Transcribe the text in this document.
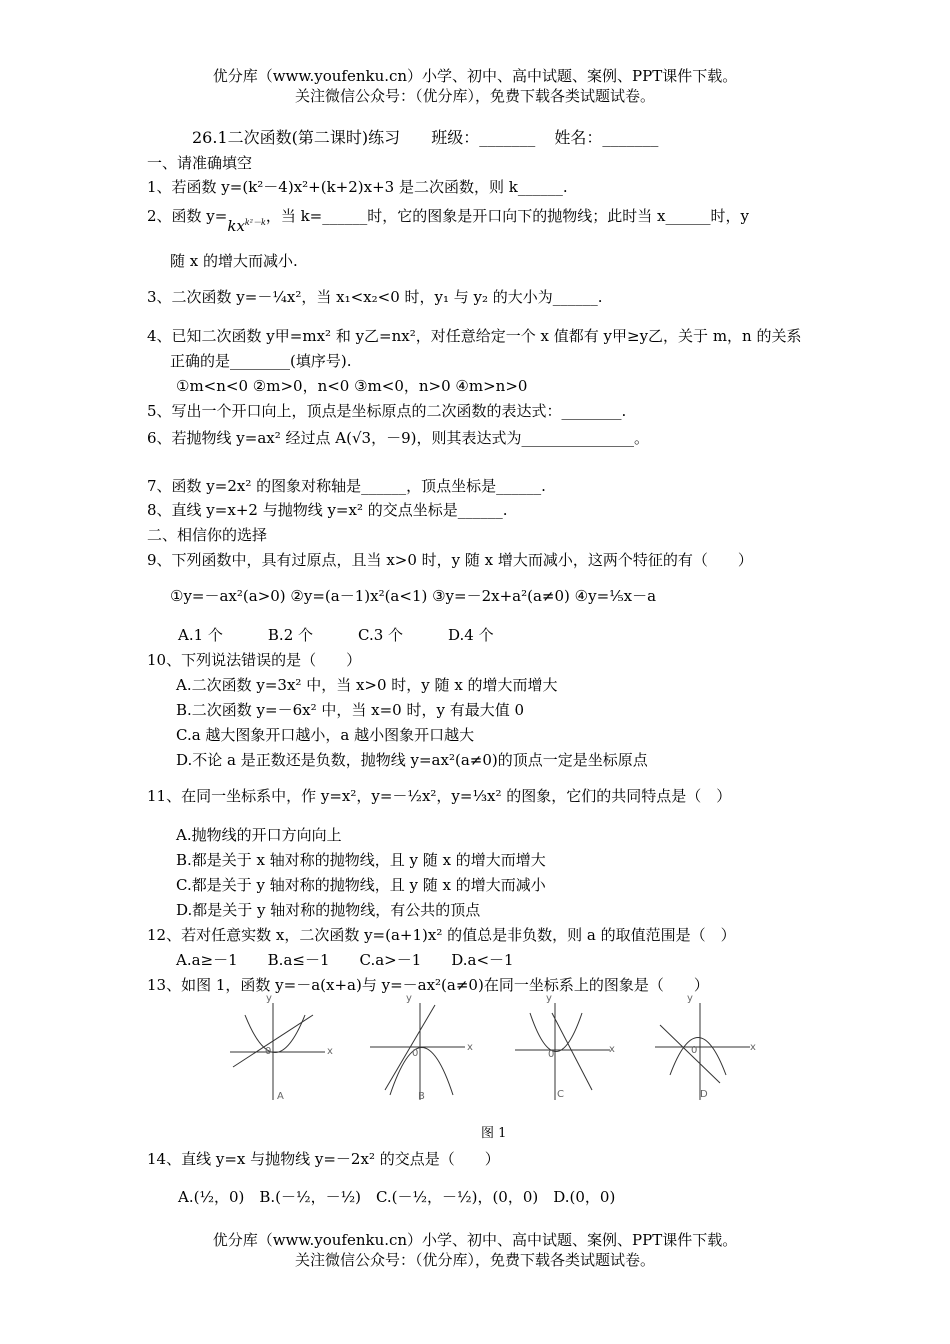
优分库（www.youfenku.cn）小学、初中、高中试题、案例、PPT课件下载。
关注微信公众号：（优分库），免费下载各类试题试卷。
26.1二次函数(第二课时)练习 班级：_______ 姓名：_______
一、请准确填空
1、若函数 y=(k²－4)x²+(k+2)x+3 是二次函数，则 k______.
2、函数 $y=kx^{k^2-k}$，当 k=______时，它的图象是开口向下的抛物线；此时当 x______时，y
随 x 的增大而减小.
3、二次函数 y=－¼x²，当 x₁<x₂<0 时，y₁ 与 y₂ 的大小为______.
4、已知二次函数 y甲=mx² 和 y乙=nx²，对任意给定一个 x 值都有 y甲≥y乙，关于 m，n 的关系
正确的是________(填序号).
①m<n<0 ②m>0，n<0 ③m<0，n>0 ④m>n>0
5、写出一个开口向上，顶点是坐标原点的二次函数的表达式：________.
6、若抛物线 y=ax² 经过点 A(√3，－9)，则其表达式为_______________。
7、函数 y=2x² 的图象对称轴是______，顶点坐标是______.
8、直线 y=x+2 与抛物线 y=x² 的交点坐标是______.
二、相信你的选择
9、下列函数中，具有过原点，且当 x>0 时，y 随 x 增大而减小，这两个特征的有（　　）
①y=－ax²(a>0) ②y=(a－1)x²(a<1) ③y=－2x+a²(a≠0) ④y=⅕x－a
A.1 个　　　B.2 个　　　C.3 个　　　D.4 个
10、下列说法错误的是（　　）
A.二次函数 y=3x² 中，当 x>0 时，y 随 x 的增大而增大
B.二次函数 y=－6x² 中，当 x=0 时，y 有最大值 0
C.a 越大图象开口越小，a 越小图象开口越大
D.不论 a 是正数还是负数，抛物线 y=ax²(a≠0)的顶点一定是坐标原点
11、在同一坐标系中，作 y=x²，y=－½x²，y=⅓x² 的图象，它们的共同特点是（　）
A.抛物线的开口方向向上
B.都是关于 x 轴对称的抛物线，且 y 随 x 的增大而增大
C.都是关于 y 轴对称的抛物线，且 y 随 x 的增大而减小
D.都是关于 y 轴对称的抛物线，有公共的顶点
12、若对任意实数 x，二次函数 y=(a+1)x² 的值总是非负数，则 a 的取值范围是（　）
A.a≥－1　　B.a≤－1　　C.a>－1　　D.a<－1
13、如图 1，函数 y=－a(x+a)与 y=－ax²(a≠0)在同一坐标系上的图象是（　　）
A	B	C	D
y
x
0
y
x
0
y
x
0
y
x
0
图 1
14、直线 y=x 与抛物线 y=－2x² 的交点是（　　）
A.(½，0)　B.(－½，－½)　C.(－½，－½)，(0，0)　D.(0，0)
优分库（www.youfenku.cn）小学、初中、高中试题、案例、PPT课件下载。
关注微信公众号：（优分库），免费下载各类试题试卷。
